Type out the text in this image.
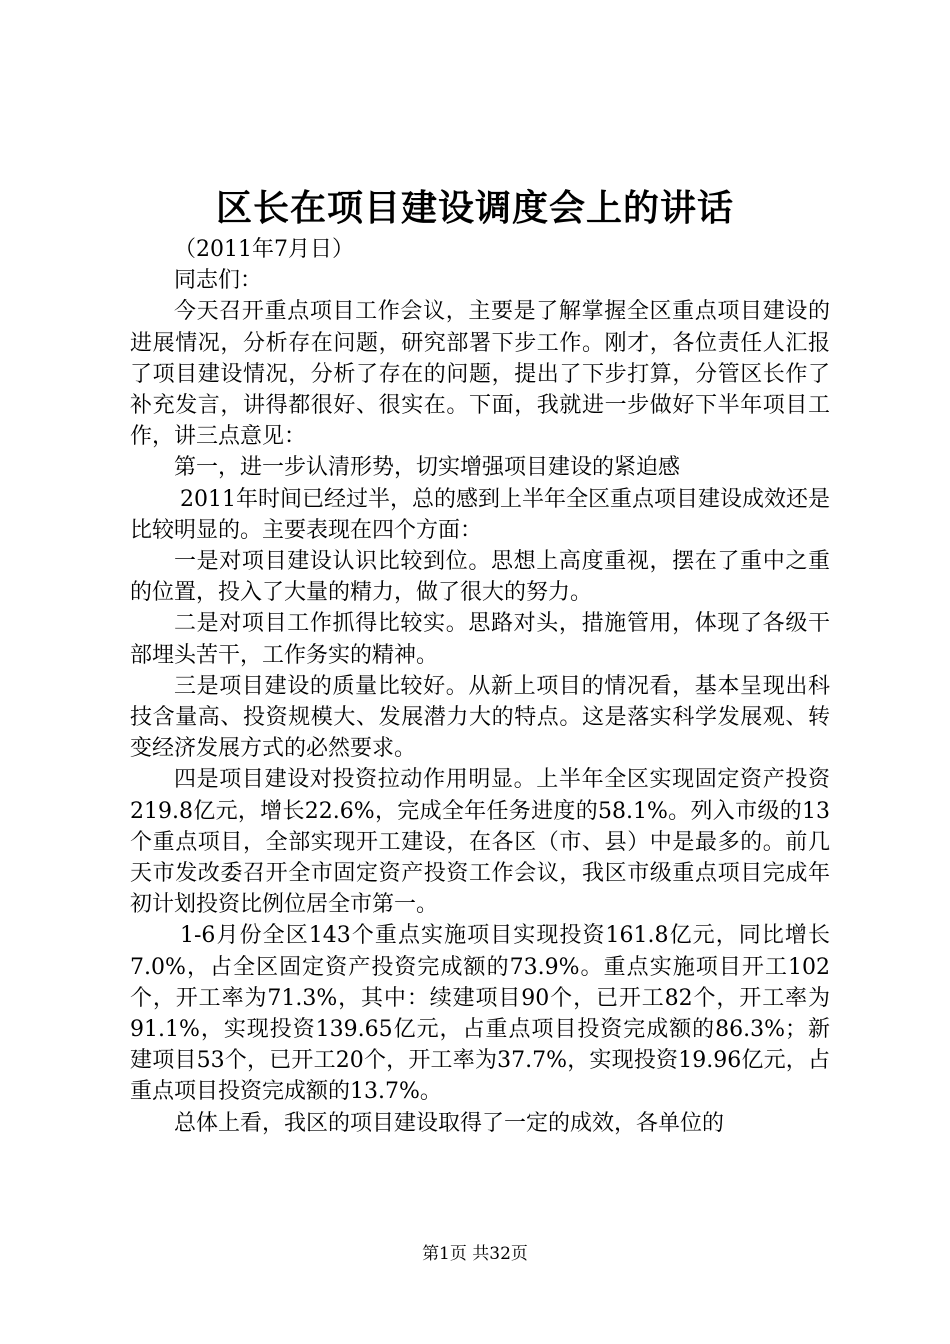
区长在项目建设调度会上的讲话

（2011年7月日）

同志们：

今天召开重点项目工作会议，主要是了解掌握全区重点项目建设的进展情况，分析存在问题，研究部署下步工作。刚才，各位责任人汇报了项目建设情况，分析了存在的问题，提出了下步打算，分管区长作了补充发言，讲得都很好、很实在。下面，我就进一步做好下半年项目工作，讲三点意见：

第一，进一步认清形势，切实增强项目建设的紧迫感

2011年时间已经过半，总的感到上半年全区重点项目建设成效还是比较明显的。主要表现在四个方面：

一是对项目建设认识比较到位。思想上高度重视，摆在了重中之重的位置，投入了大量的精力，做了很大的努力。

二是对项目工作抓得比较实。思路对头，措施管用，体现了各级干部埋头苦干，工作务实的精神。

三是项目建设的质量比较好。从新上项目的情况看，基本呈现出科技含量高、投资规模大、发展潜力大的特点。这是落实科学发展观、转变经济发展方式的必然要求。

四是项目建设对投资拉动作用明显。上半年全区实现固定资产投资219.8亿元，增长22.6%，完成全年任务进度的58.1%。列入市级的13个重点项目，全部实现开工建设，在各区（市、县）中是最多的。前几天市发改委召开全市固定资产投资工作会议，我区市级重点项目完成年初计划投资比例位居全市第一。

1-6月份全区143个重点实施项目实现投资161.8亿元，同比增长7.0%，占全区固定资产投资完成额的73.9%。重点实施项目开工102个，开工率为71.3%，其中：续建项目90个，已开工82个，开工率为91.1%，实现投资139.65亿元，占重点项目投资完成额的86.3%；新建项目53个，已开工20个，开工率为37.7%，实现投资19.96亿元，占重点项目投资完成额的13.7%。

总体上看，我区的项目建设取得了一定的成效，各单位的

第1页 共32页
